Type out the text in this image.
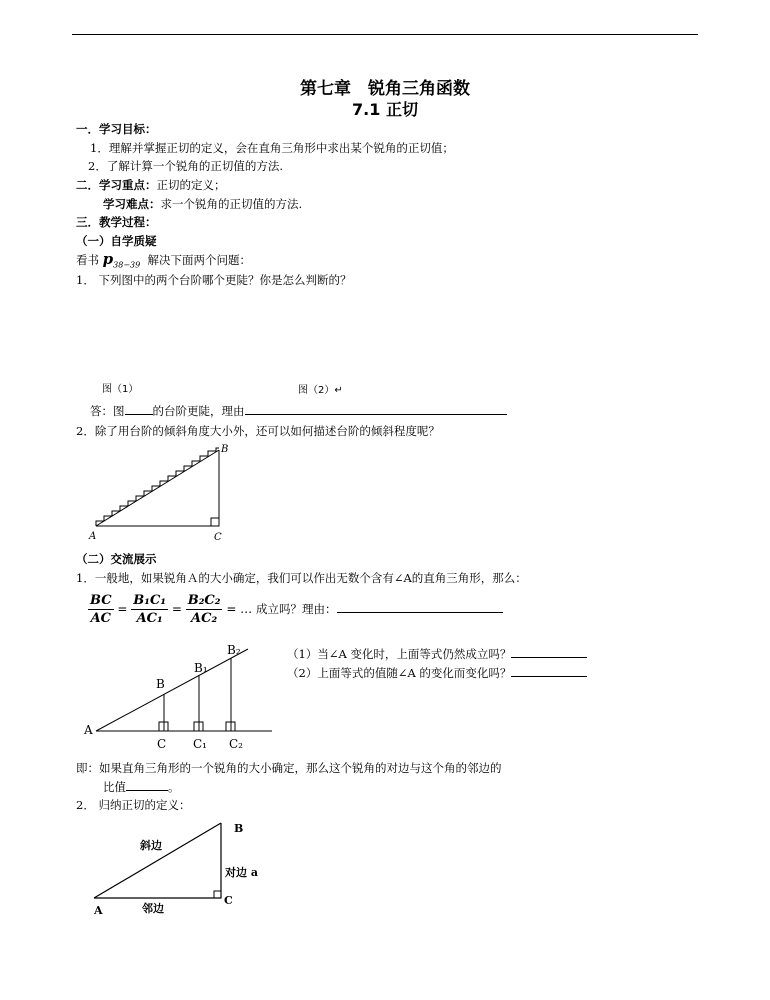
第七章　锐角三角函数
7.1 正切
一．学习目标：
1．理解并掌握正切的定义，会在直角三角形中求出某个锐角的正切值；
2．了解计算一个锐角的正切值的方法.
二．学习重点：正切的定义；
学习难点：求一个锐角的正切值的方法.
三．教学过程：
（一）自学质疑
看书 $p_{38-39}$ 解决下面两个问题：
1． 下列图中的两个台阶哪个更陡？你是怎么判断的？
图（1）	图（2）↵
答：图 的台阶更陡，理由
2．除了用台阶的倾斜角度大小外，还可以如何描述台阶的倾斜程度呢？
A
B
C
（二）交流展示
1．一般地，如果锐角Ａ的大小确定，我们可以作出无数个含有∠A的直角三角形，那么：
$\frac{BC}{AC} = \frac{\text{B₁C₁}}{\text{AC₁}} = \frac{\text{B₂C₂}}{\text{AC₂}}$ = … 成立吗？理由：
A
B
B₁
B₂
C C₁ C₂
（1）当∠A 变化时，上面等式仍然成立吗？
（2）上面等式的值随∠A 的变化而变化吗？
即：如果直角三角形的一个锐角的大小确定，那么这个锐角的对边与这个角的邻边的
比值	。
2． 归纳正切的定义：
B
A
C
斜边
对边 a
邻边
